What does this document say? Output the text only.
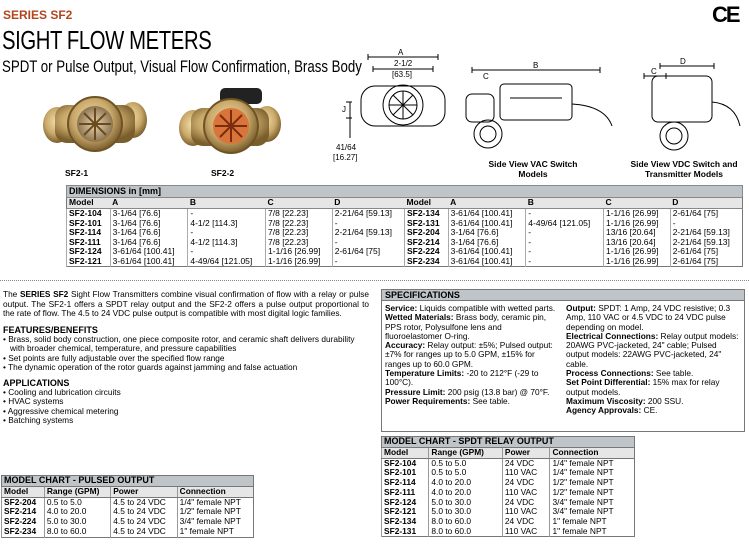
SERIES SF2
SIGHT FLOW METERS
SPDT or Pulse Output, Visual Flow Confirmation, Brass Body
CE
SF2-1	SF2-2
A
2-1/2
[63.5]
J
41/64
[16.27]
B
C
C
D
Side View VAC Switch Models
Side View VDC Switch and Transmitter Models
DIMENSIONS in [mm]									
Model	A	B	C	D	Model	A	B	C	D
SF2-104	3-1/64 [76.6]	-	7/8 [22.23]	2-21/64 [59.13]	SF2-134	3-61/64 [100.41]	-	1-1/16 [26.99]	2-61/64 [75]
SF2-101	3-1/64 [76.6]	4-1/2 [114.3]	7/8 [22.23]	-	SF2-131	3-61/64 [100.41]	4-49/64 [121.05]	1-1/16 [26.99]	-
SF2-114	3-1/64 [76.6]	-	7/8 [22.23]	2-21/64 [59.13]	SF2-204	3-1/64 [76.6]	-	13/16 [20.64]	2-21/64 [59.13]
SF2-111	3-1/64 [76.6]	4-1/2 [114.3]	7/8 [22.23]	-	SF2-214	3-1/64 [76.6]	-	13/16 [20.64]	2-21/64 [59.13]
SF2-124	3-61/64 [100.41]	-	1-1/16 [26.99]	2-61/64 [75]	SF2-224	3-61/64 [100.41]	-	1-1/16 [26.99]	2-61/64 [75]
SF2-121	3-61/64 [100.41]	4-49/64 [121.05]	1-1/16 [26.99]	-	SF2-234	3-61/64 [100.41]	-	1-1/16 [26.99]	2-61/64 [75]

The SERIES SF2 Sight Flow Transmitters combine visual confirmation of flow with a relay or pulse output. The SF2-1 offers a SPDT relay output and the SF2-2 offers a pulse output proportional to the rate of flow. The 4.5 to 24 VDC pulse output is compatible with most digital logic families.

FEATURES/BENEFITS
• Brass, solid body construction, one piece composite rotor, and ceramic shaft delivers durability with broader chemical, temperature, and pressure capabilities
• Set points are fully adjustable over the specified flow range
• The dynamic operation of the rotor guards against jamming and false actuation
APPLICATIONS
• Cooling and lubrication circuits
• HVAC systems
• Aggressive chemical metering
• Batching systems
SPECIFICATIONS
Service: Liquids compatible with wetted parts.
Wetted Materials: Brass body, ceramic pin, PPS rotor, Polysulfone lens and fluoroelastomer O-ring.
Accuracy: Relay output: ±5%; Pulsed output: ±7% for ranges up to 5.0 GPM, ±15% for ranges up to 60.0 GPM.
Temperature Limits: -20 to 212°F (-29 to 100°C).
Pressure Limit: 200 psig (13.8 bar) @ 70°F.
Power Requirements: See table.
Output: SPDT: 1 Amp, 24 VDC resistive; 0.3 Amp, 110 VAC or 4.5 VDC to 24 VDC pulse depending on model.
Electrical Connections: Relay output models: 20AWG PVC-jacketed, 24" cable; Pulsed output models: 22AWG PVC-jacketed, 24" cable.
Process Connections: See table.
Set Point Differential: 15% max for relay output models.
Maximum Viscosity: 200 SSU.
Agency Approvals: CE.
MODEL CHART - PULSED OUTPUT			
Model	Range (GPM)	Power	Connection
SF2-204	0.5 to 5.0	4.5 to 24 VDC	1/4" female NPT
SF2-214	4.0 to 20.0	4.5 to 24 VDC	1/2" female NPT
SF2-224	5.0 to 30.0	4.5 to 24 VDC	3/4" female NPT
SF2-234	8.0 to 60.0	4.5 to 24 VDC	1" female NPT
MODEL CHART - SPDT RELAY OUTPUT			
Model	Range (GPM)	Power	Connection
SF2-104	0.5 to 5.0	24 VDC	1/4" female NPT
SF2-101	0.5 to 5.0	110 VAC	1/4" female NPT
SF2-114	4.0 to 20.0	24 VDC	1/2" female NPT
SF2-111	4.0 to 20.0	110 VAC	1/2" female NPT
SF2-124	5.0 to 30.0	24 VDC	3/4" female NPT
SF2-121	5.0 to 30.0	110 VAC	3/4" female NPT
SF2-134	8.0 to 60.0	24 VDC	1" female NPT
SF2-131	8.0 to 60.0	110 VAC	1" female NPT
